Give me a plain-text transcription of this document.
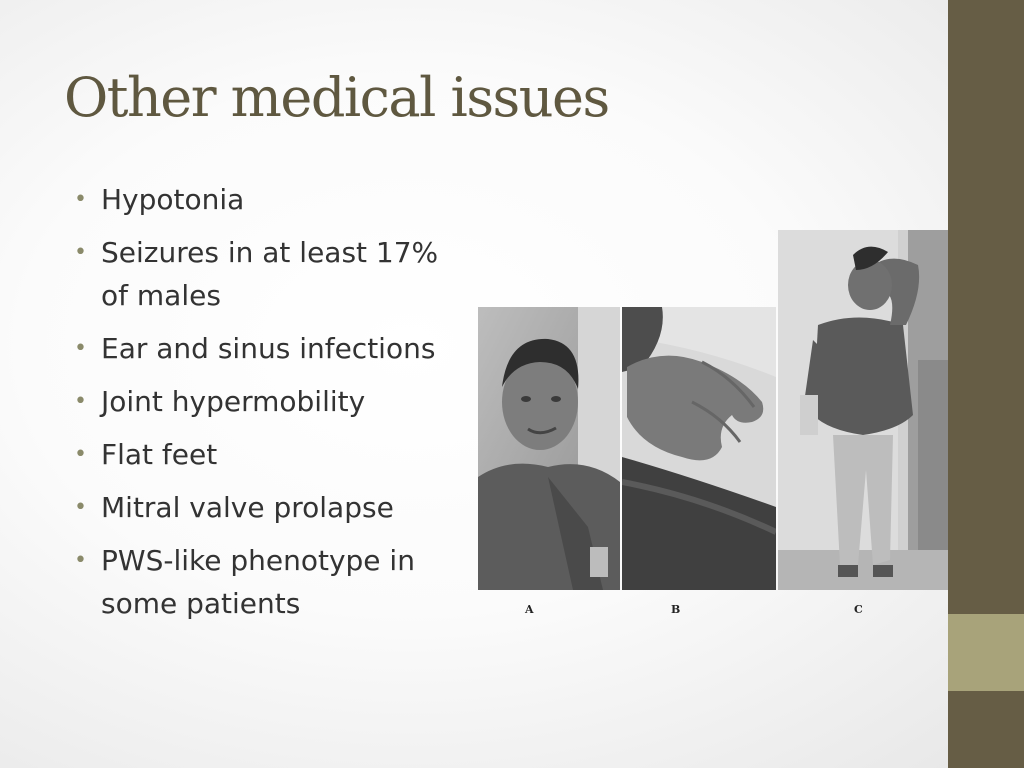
Other medical issues
• Hypotonia
• Seizures in at least 17% of males
• Ear and sinus infections
• Joint hypermobility
• Flat feet
• Mitral valve prolapse
• PWS-like phenotype in some patients	A	B	C
